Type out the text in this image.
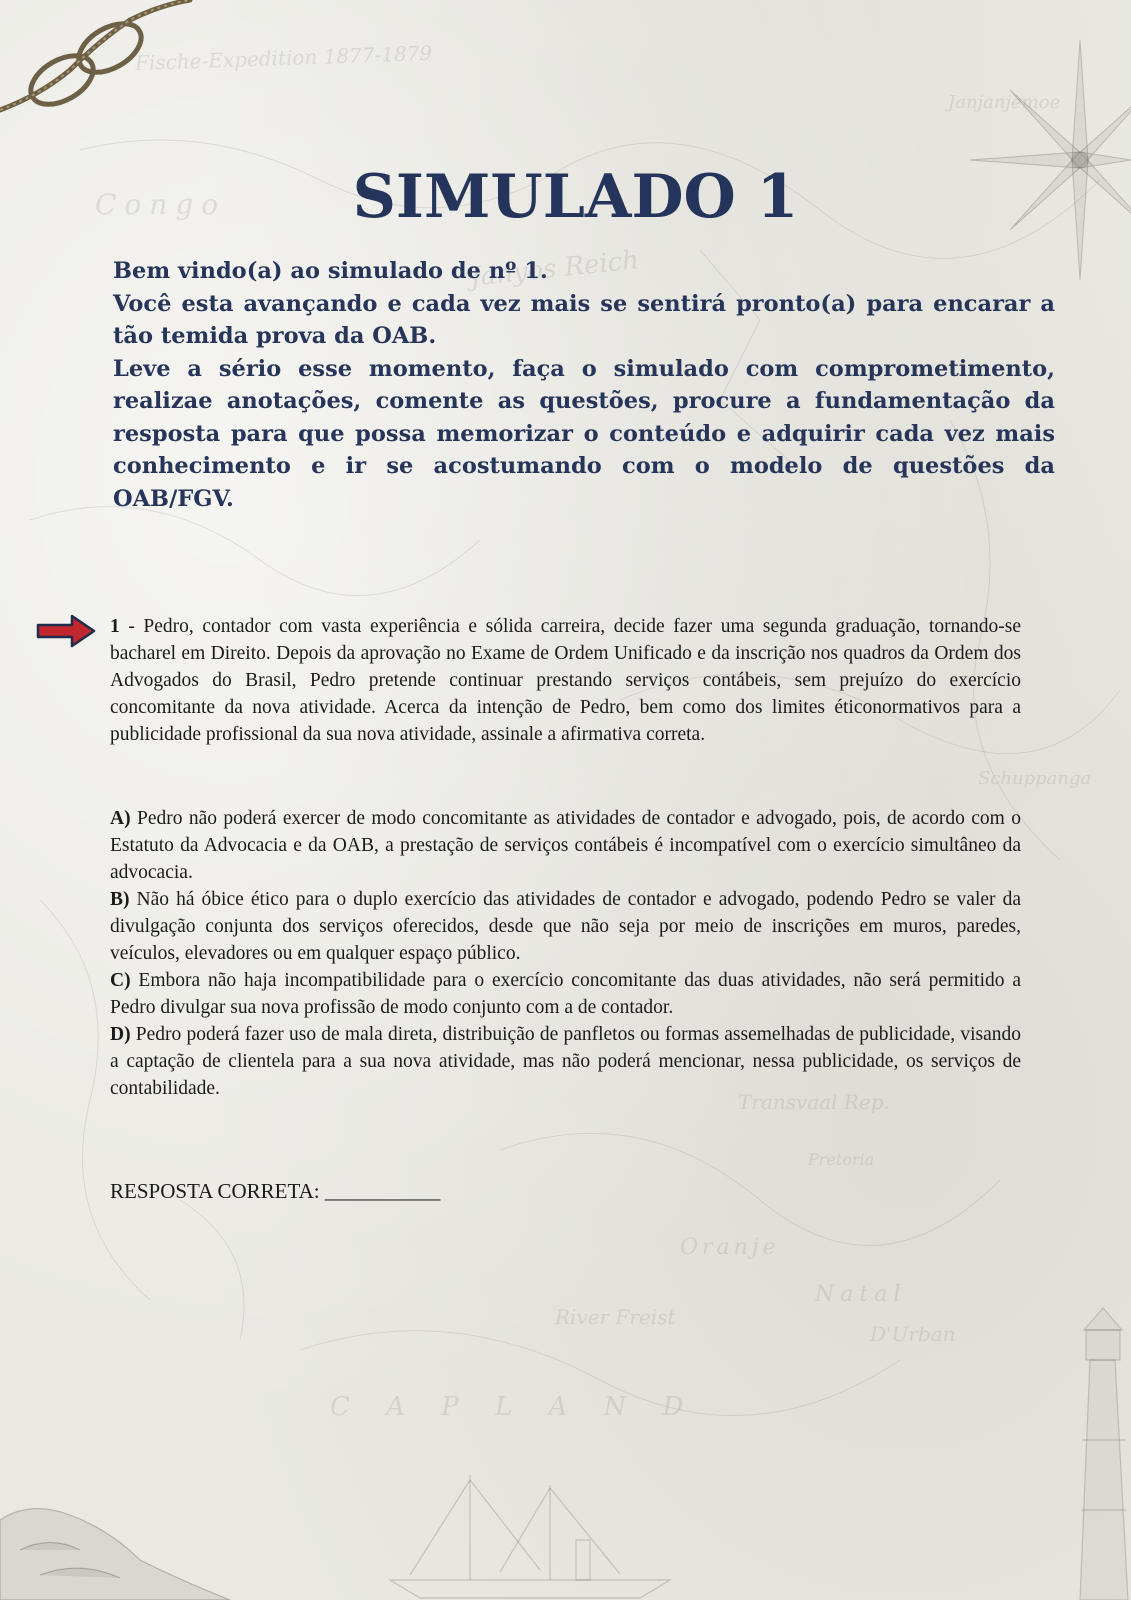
Fische-Expedition 1877-1879
Congo
Janjanjemoe
Janyos Reich
Schuppanga
Transvaal Rep.
Pretoria
Oranje
Natal
River Freist
D'Urban
C A P L A N D
SIMULADO 1

Bem vindo(a) ao simulado de nº 1.

Você esta avançando e cada vez mais se sentirá pronto(a) para encarar a tão temida prova da OAB.

Leve a sério esse momento, faça o simulado com comprometimento, realizae anotações, comente as questões, procure a fundamentação da resposta para que possa memorizar o conteúdo e adquirir cada vez mais conhecimento e ir se acostumando com o modelo de questões da OAB/FGV.

1 - Pedro, contador com vasta experiência e sólida carreira, decide fazer uma segunda graduação, tornando-se bacharel em Direito. Depois da aprovação no Exame de Ordem Unificado e da inscrição nos quadros da Ordem dos Advogados do Brasil, Pedro pretende continuar prestando serviços contábeis, sem prejuízo do exercício concomitante da nova atividade. Acerca da intenção de Pedro, bem como dos limites éticonormativos para a publicidade profissional da sua nova atividade, assinale a afirmativa correta.

A) Pedro não poderá exercer de modo concomitante as atividades de contador e advogado, pois, de acordo com o Estatuto da Advocacia e da OAB, a prestação de serviços contábeis é incompatível com o exercício simultâneo da advocacia.

B) Não há óbice ético para o duplo exercício das atividades de contador e advogado, podendo Pedro se valer da divulgação conjunta dos serviços oferecidos, desde que não seja por meio de inscrições em muros, paredes, veículos, elevadores ou em qualquer espaço público.

C) Embora não haja incompatibilidade para o exercício concomitante das duas atividades, não será permitido a Pedro divulgar sua nova profissão de modo conjunto com a de contador.

D) Pedro poderá fazer uso de mala direta, distribuição de panfletos ou formas assemelhadas de publicidade, visando a captação de clientela para a sua nova atividade, mas não poderá mencionar, nessa publicidade, os serviços de contabilidade.

RESPOSTA CORRETA: ___________
